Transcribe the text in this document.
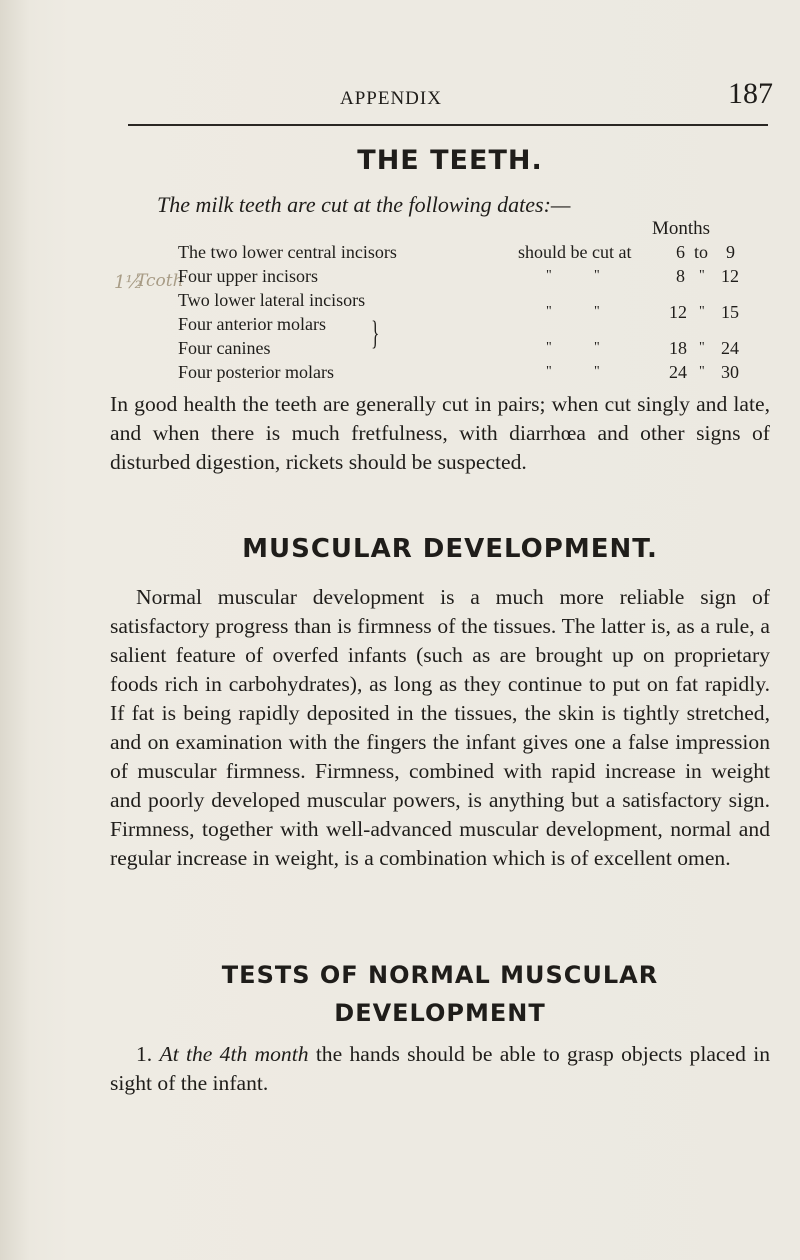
APPENDIX	187
THE TEETH.
The milk teeth are cut at the following dates:—
Months
Tcoth
1½
The two lower central incisors	should be cut at 6 to 9
Four upper incisors	"	"	8 " 12
Two lower lateral incisors
Four anterior molars }
"	"	12 " 15
Four canines	"	"	18 " 24
Four posterior molars	"	"	24 " 30
In good health the teeth are generally cut in pairs; when cut singly and late, and when there is much fretfulness, with diarrhœa and other signs of disturbed digestion, rickets should be suspected.
MUSCULAR DEVELOPMENT.
Normal muscular development is a much more reliable sign of satisfactory progress than is firmness of the tissues. The latter is, as a rule, a salient feature of overfed infants (such as are brought up on proprietary foods rich in carbohydrates), as long as they continue to put on fat rapidly. If fat is being rapidly deposited in the tissues, the skin is tightly stretched, and on examination with the fingers the infant gives one a false impression of muscular firmness. Firmness, combined with rapid increase in weight and poorly developed muscular powers, is anything but a satisfactory sign. Firmness, together with well-advanced muscular development, normal and regular increase in weight, is a combination which is of excellent omen.
TESTS OF NORMAL MUSCULAR
DEVELOPMENT
1. At the 4th month the hands should be able to grasp objects placed in sight of the infant.
